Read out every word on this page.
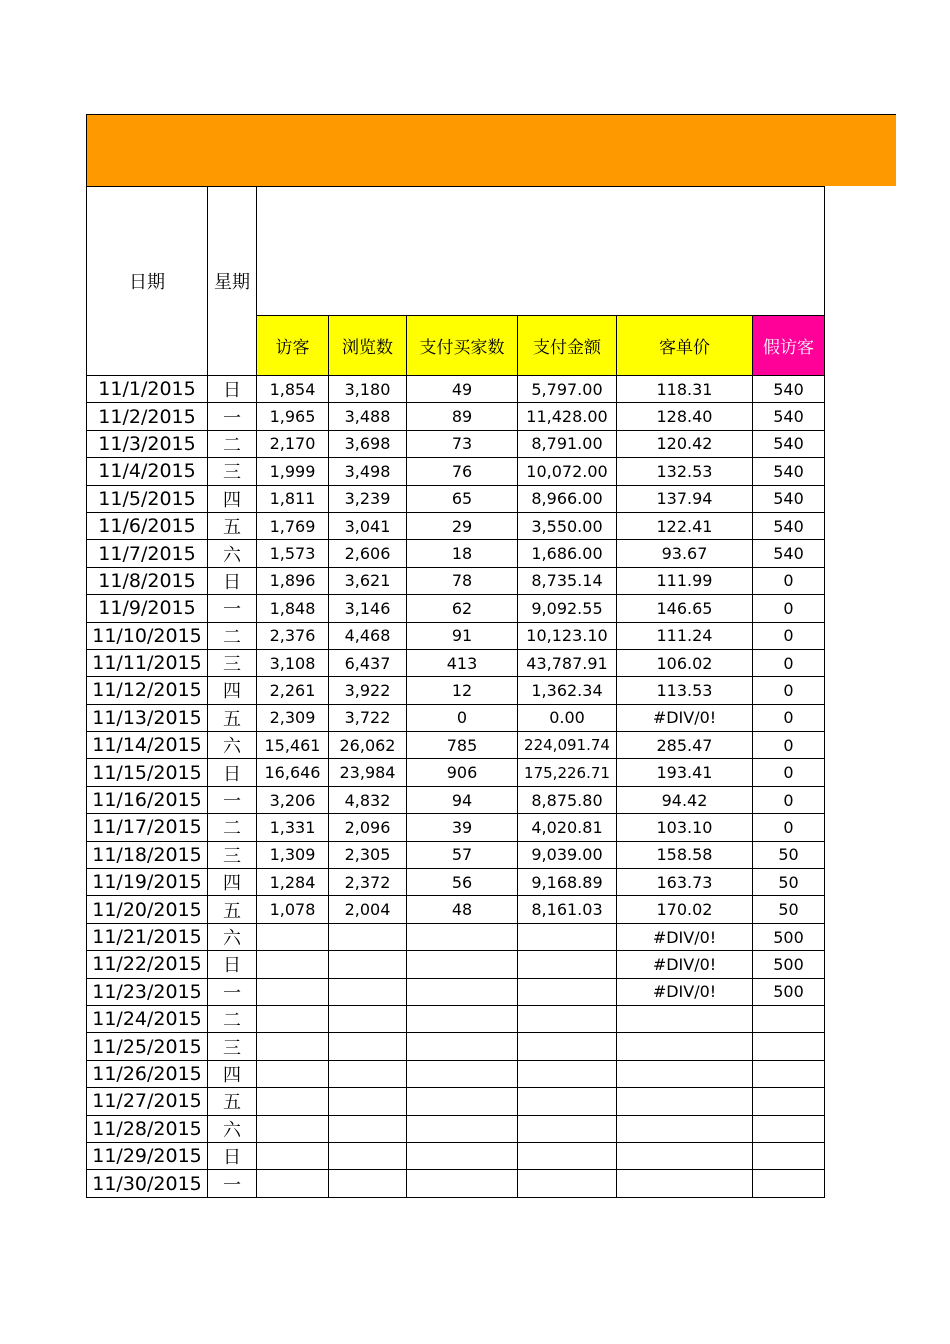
日期	星期						
		访客	浏览数	支付买家数	支付金额	客单价	假访客
11/1/2015	日	1,854	3,180	49	5,797.00	118.31	540
11/2/2015	一	1,965	3,488	89	11,428.00	128.40	540
11/3/2015	二	2,170	3,698	73	8,791.00	120.42	540
11/4/2015	三	1,999	3,498	76	10,072.00	132.53	540
11/5/2015	四	1,811	3,239	65	8,966.00	137.94	540
11/6/2015	五	1,769	3,041	29	3,550.00	122.41	540
11/7/2015	六	1,573	2,606	18	1,686.00	93.67	540
11/8/2015	日	1,896	3,621	78	8,735.14	111.99	0
11/9/2015	一	1,848	3,146	62	9,092.55	146.65	0
11/10/2015	二	2,376	4,468	91	10,123.10	111.24	0
11/11/2015	三	3,108	6,437	413	43,787.91	106.02	0
11/12/2015	四	2,261	3,922	12	1,362.34	113.53	0
11/13/2015	五	2,309	3,722	0	0.00	#DIV/0!	0
11/14/2015	六	15,461	26,062	785	224,091.74	285.47	0
11/15/2015	日	16,646	23,984	906	175,226.71	193.41	0
11/16/2015	一	3,206	4,832	94	8,875.80	94.42	0
11/17/2015	二	1,331	2,096	39	4,020.81	103.10	0
11/18/2015	三	1,309	2,305	57	9,039.00	158.58	50
11/19/2015	四	1,284	2,372	56	9,168.89	163.73	50
11/20/2015	五	1,078	2,004	48	8,161.03	170.02	50
11/21/2015	六					#DIV/0!	500
11/22/2015	日					#DIV/0!	500
11/23/2015	一					#DIV/0!	500
11/24/2015	二						
11/25/2015	三						
11/26/2015	四						
11/27/2015	五						
11/28/2015	六						
11/29/2015	日						
11/30/2015	一						
